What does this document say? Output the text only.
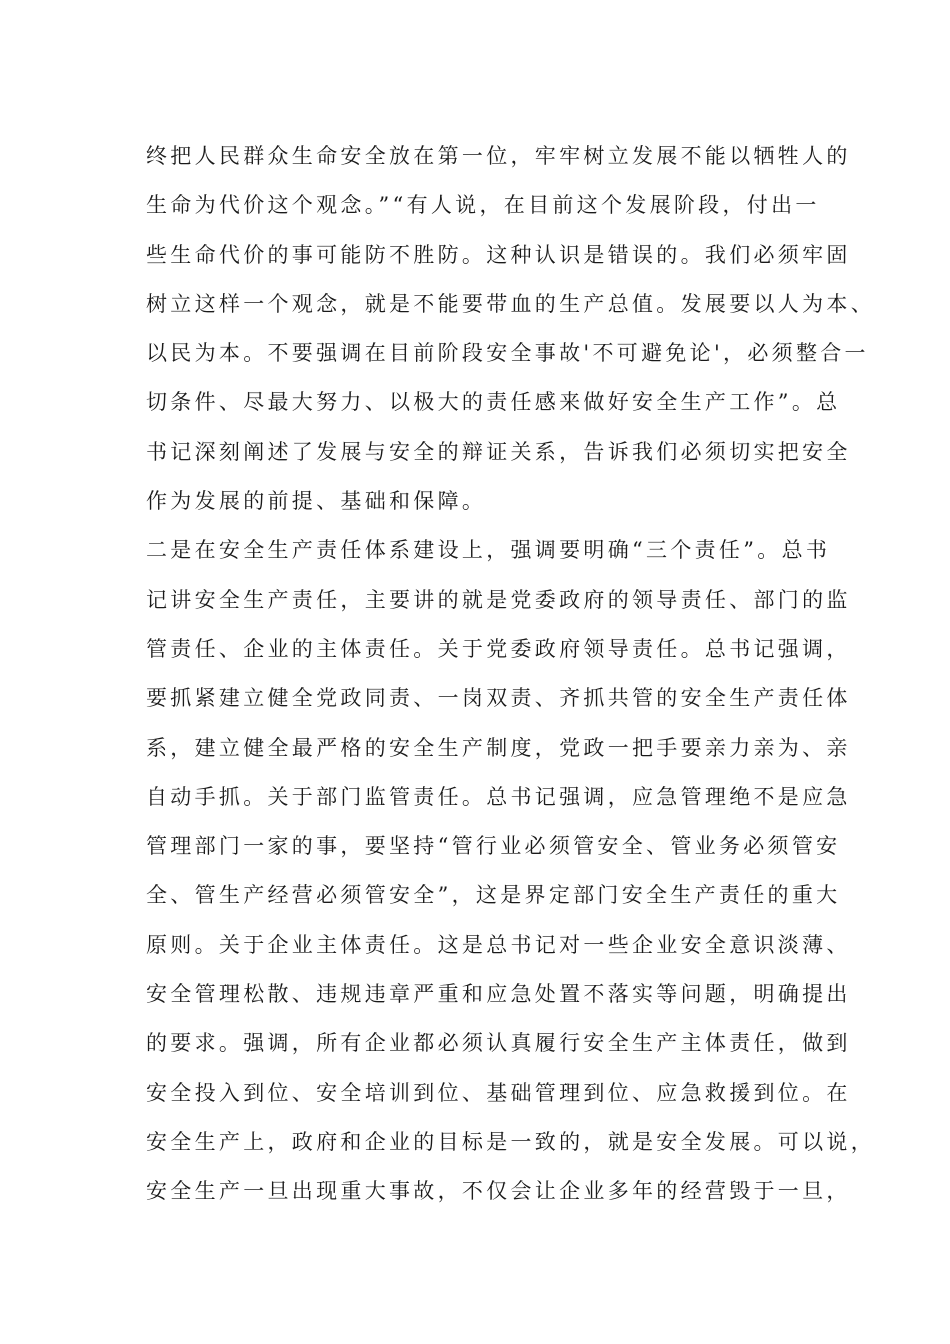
终把人民群众生命安全放在第一位，牢牢树立发展不能以牺牲人的
生命为代价这个观念。”“有人说，在目前这个发展阶段，付出一
些生命代价的事可能防不胜防。这种认识是错误的。我们必须牢固
树立这样一个观念，就是不能要带血的生产总值。发展要以人为本、
以民为本。不要强调在目前阶段安全事故'不可避免论'，必须整合一
切条件、尽最大努力、以极大的责任感来做好安全生产工作”。总
书记深刻阐述了发展与安全的辩证关系，告诉我们必须切实把安全
作为发展的前提、基础和保障。
二是在安全生产责任体系建设上，强调要明确“三个责任”。总书
记讲安全生产责任，主要讲的就是党委政府的领导责任、部门的监
管责任、企业的主体责任。关于党委政府领导责任。总书记强调，
要抓紧建立健全党政同责、一岗双责、齐抓共管的安全生产责任体
系，建立健全最严格的安全生产制度，党政一把手要亲力亲为、亲
自动手抓。关于部门监管责任。总书记强调，应急管理绝不是应急
管理部门一家的事，要坚持“管行业必须管安全、管业务必须管安
全、管生产经营必须管安全”，这是界定部门安全生产责任的重大
原则。关于企业主体责任。这是总书记对一些企业安全意识淡薄、
安全管理松散、违规违章严重和应急处置不落实等问题，明确提出
的要求。强调，所有企业都必须认真履行安全生产主体责任，做到
安全投入到位、安全培训到位、基础管理到位、应急救援到位。在
安全生产上，政府和企业的目标是一致的，就是安全发展。可以说，
安全生产一旦出现重大事故，不仅会让企业多年的经营毁于一旦，
